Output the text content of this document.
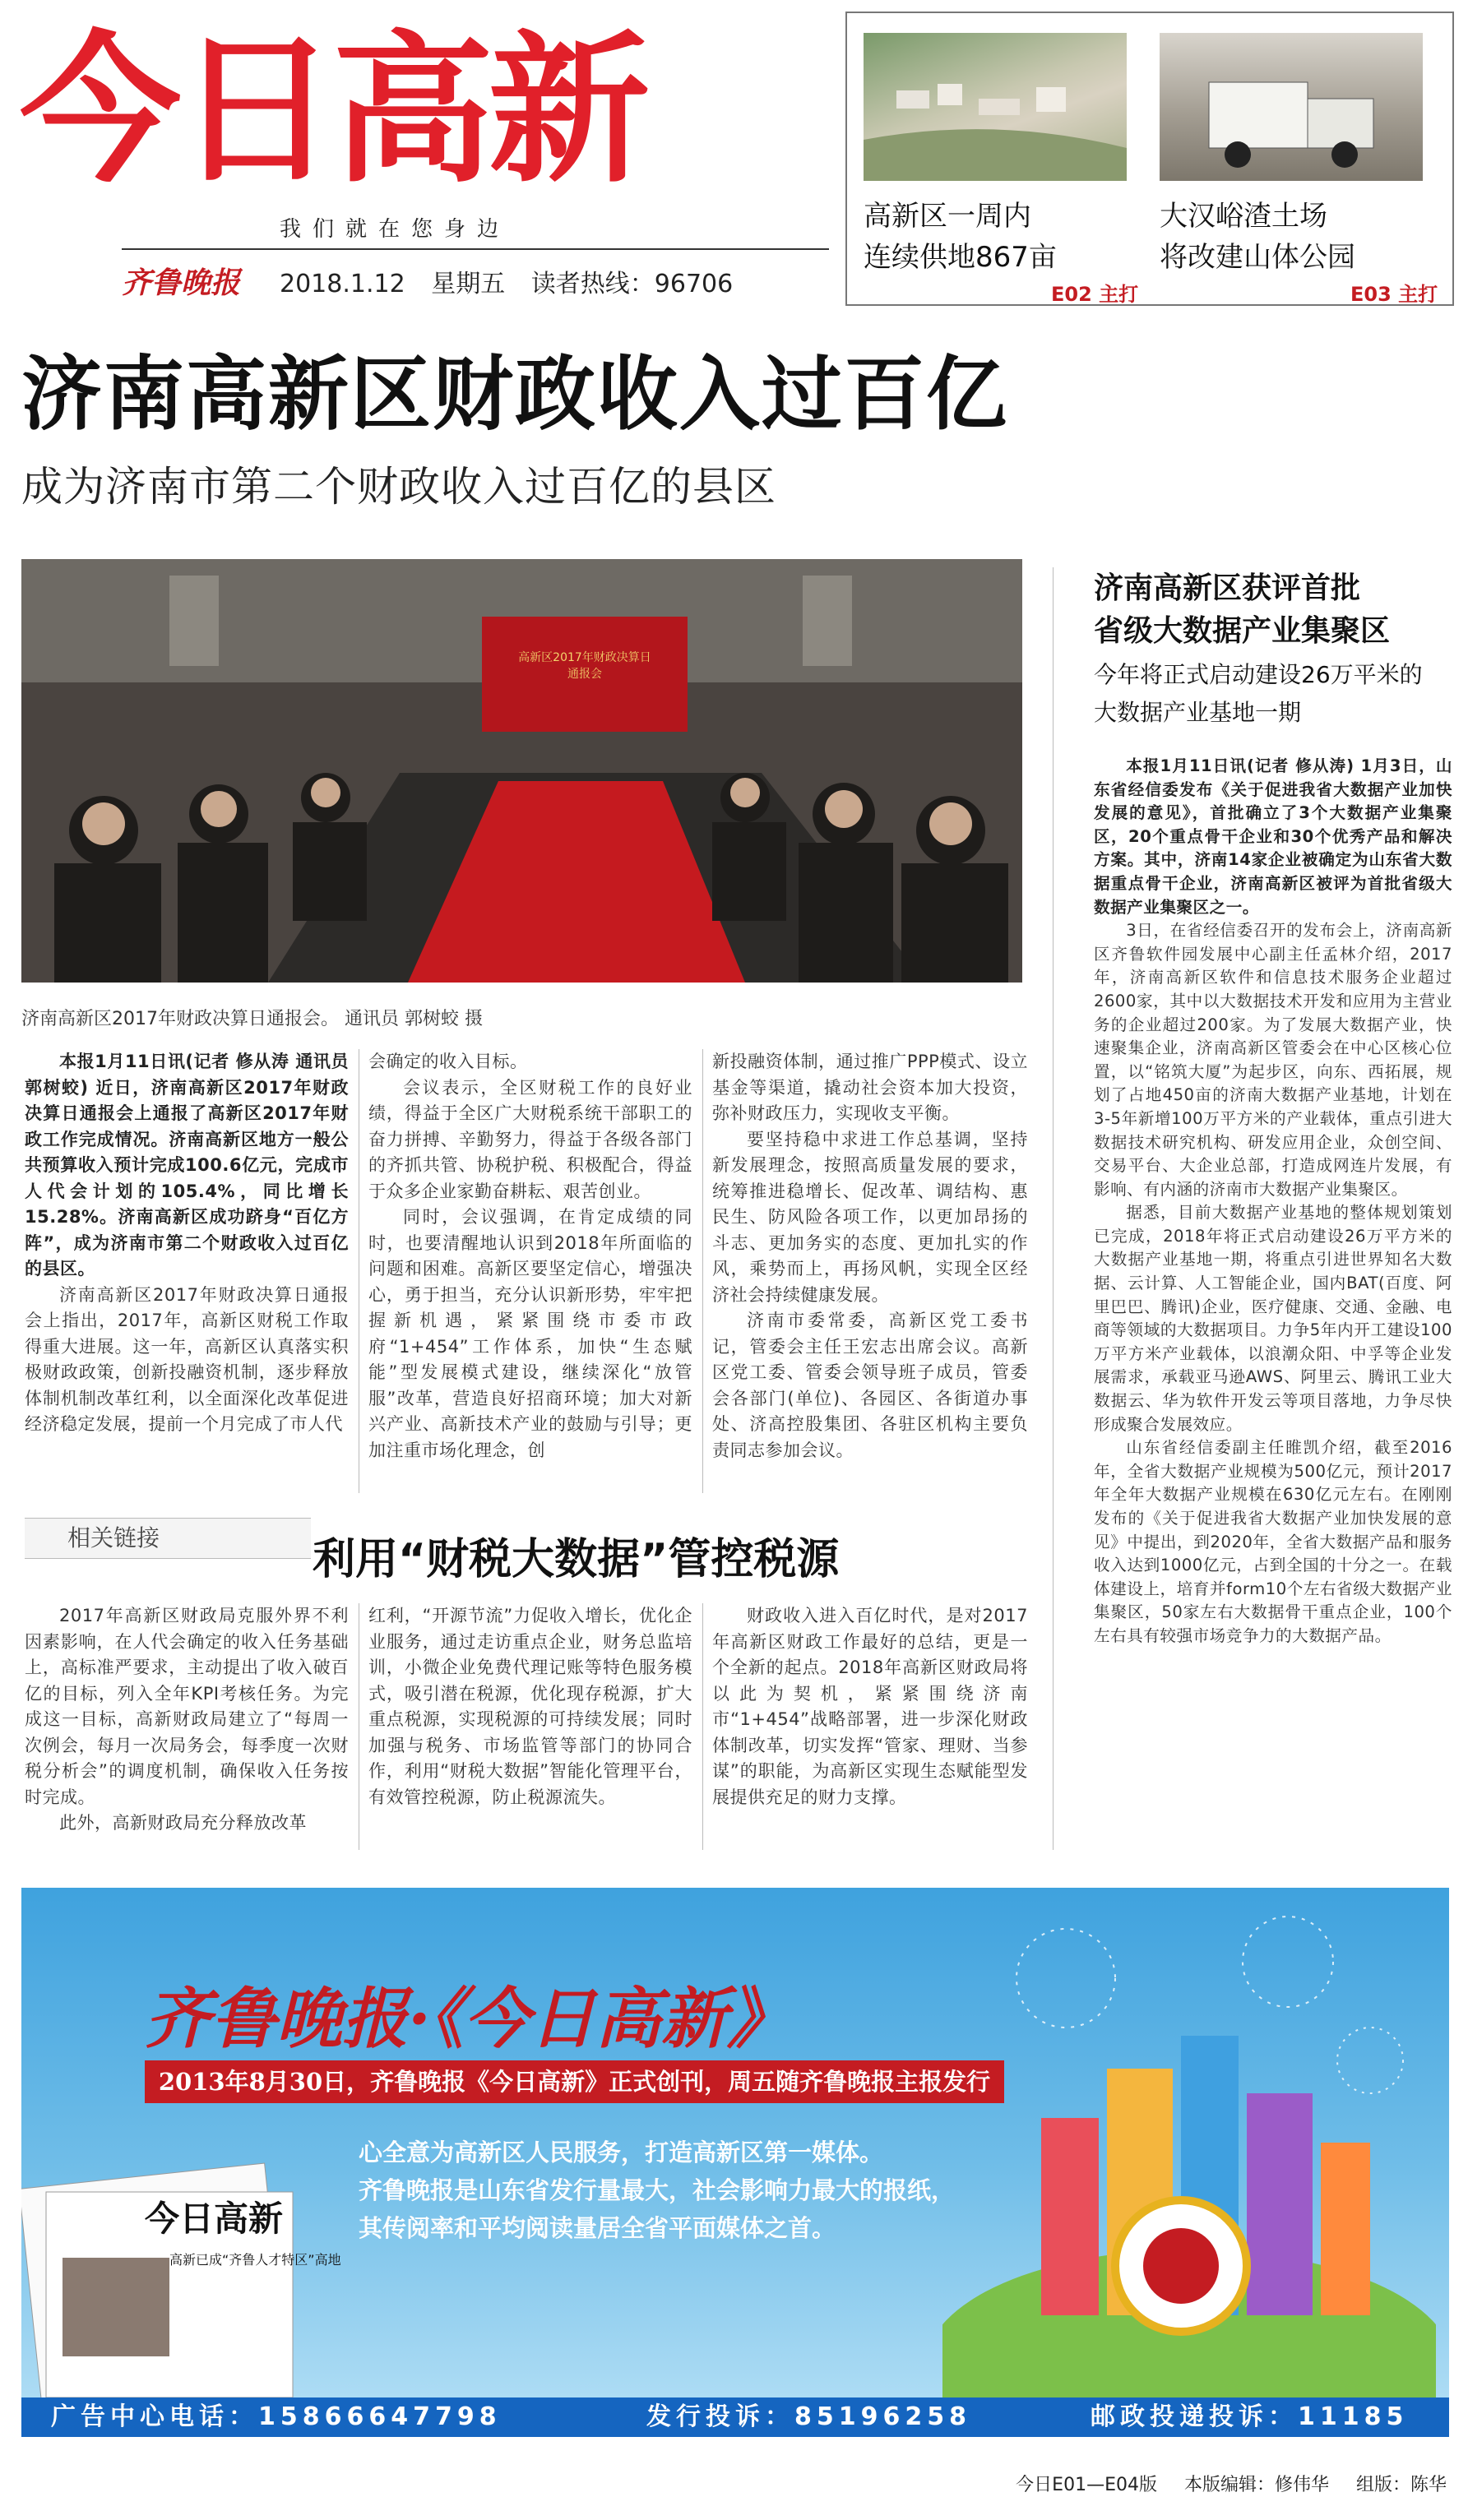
今日高新
我们就在您身边
齐鲁晚报 2018.1.12 星期五 读者热线：96706
高新区一周内
连续供地867亩
E02 主打
大汉峪渣土场
将改建山体公园
E03 主打
济南高新区财政收入过百亿
成为济南市第二个财政收入过百亿的县区
高新区2017年财政决算日通报会
济南高新区2017年财政决算日通报会。 通讯员 郭树蛟 摄

本报1月11日讯(记者 修从涛 通讯员 郭树蛟) 近日，济南高新区2017年财政决算日通报会上通报了高新区2017年财政工作完成情况。济南高新区地方一般公共预算收入预计完成100.6亿元，完成市人代会计划的105.4%，同比增长15.28%。济南高新区成功跻身“百亿方阵”，成为济南市第二个财政收入过百亿的县区。

济南高新区2017年财政决算日通报会上指出，2017年，高新区财税工作取得重大进展。这一年，高新区认真落实积极财政政策，创新投融资机制，逐步释放体制机制改革红利，以全面深化改革促进经济稳定发展，提前一个月完成了市人代

会确定的收入目标。

会议表示，全区财税工作的良好业绩，得益于全区广大财税系统干部职工的奋力拼搏、辛勤努力，得益于各级各部门的齐抓共管、协税护税、积极配合，得益于众多企业家勤奋耕耘、艰苦创业。

同时，会议强调，在肯定成绩的同时，也要清醒地认识到2018年所面临的问题和困难。高新区要坚定信心，增强决心，勇于担当，充分认识新形势，牢牢把握新机遇，紧紧围绕市委市政府“1+454”工作体系，加快“生态赋能”型发展模式建设，继续深化“放管服”改革，营造良好招商环境；加大对新兴产业、高新技术产业的鼓励与引导；更加注重市场化理念，创

新投融资体制，通过推广PPP模式、设立基金等渠道，撬动社会资本加大投资，弥补财政压力，实现收支平衡。

要坚持稳中求进工作总基调，坚持新发展理念，按照高质量发展的要求，统筹推进稳增长、促改革、调结构、惠民生、防风险各项工作，以更加昂扬的斗志、更加务实的态度、更加扎实的作风，乘势而上，再扬风帆，实现全区经济社会持续健康发展。

济南市委常委，高新区党工委书记，管委会主任王宏志出席会议。高新区党工委、管委会领导班子成员，管委会各部门(单位)、各园区、各街道办事处、济高控股集团、各驻区机构主要负责同志参加会议。

济南高新区获评首批
省级大数据产业集聚区
今年将正式启动建设26万平米的
大数据产业基地一期

本报1月11日讯(记者 修从涛) 1月3日，山东省经信委发布《关于促进我省大数据产业加快发展的意见》，首批确立了3个大数据产业集聚区，20个重点骨干企业和30个优秀产品和解决方案。其中，济南14家企业被确定为山东省大数据重点骨干企业，济南高新区被评为首批省级大数据产业集聚区之一。

3日，在省经信委召开的发布会上，济南高新区齐鲁软件园发展中心副主任孟林介绍，2017年，济南高新区软件和信息技术服务企业超过2600家，其中以大数据技术开发和应用为主营业务的企业超过200家。为了发展大数据产业，快速聚集企业，济南高新区管委会在中心区核心位置，以“铭筑大厦”为起步区，向东、西拓展，规划了占地450亩的济南大数据产业基地，计划在3-5年新增100万平方米的产业载体，重点引进大数据技术研究机构、研发应用企业，众创空间、交易平台、大企业总部，打造成网连片发展，有影响、有内涵的济南市大数据产业集聚区。

据悉，目前大数据产业基地的整体规划策划已完成，2018年将正式启动建设26万平方米的大数据产业基地一期，将重点引进世界知名大数据、云计算、人工智能企业，国内BAT(百度、阿里巴巴、腾讯)企业，医疗健康、交通、金融、电商等领域的大数据项目。力争5年内开工建设100万平方米产业载体，以浪潮众阳、中孚等企业发展需求，承载亚马逊AWS、阿里云、腾讯工业大数据云、华为软件开发云等项目落地，力争尽快形成聚合发展效应。

山东省经信委副主任睢凯介绍，截至2016年，全省大数据产业规模为500亿元，预计2017年全年大数据产业规模在630亿元左右。在刚刚发布的《关于促进我省大数据产业加快发展的意见》中提出，到2020年，全省大数据产品和服务收入达到1000亿元，占到全国的十分之一。在载体建设上，培育并form10个左右省级大数据产业集聚区，50家左右大数据骨干重点企业，100个左右具有较强市场竞争力的大数据产品。

相关链接	利用“财税大数据”管控税源

2017年高新区财政局克服外界不利因素影响，在人代会确定的收入任务基础上，高标准严要求，主动提出了收入破百亿的目标，列入全年KPI考核任务。为完成这一目标，高新财政局建立了“每周一次例会，每月一次局务会，每季度一次财税分析会”的调度机制，确保收入任务按时完成。

此外，高新财政局充分释放改革

红利，“开源节流”力促收入增长，优化企业服务，通过走访重点企业，财务总监培训，小微企业免费代理记账等特色服务模式，吸引潜在税源，优化现存税源，扩大重点税源，实现税源的可持续发展；同时加强与税务、市场监管等部门的协同合作，利用“财税大数据”智能化管理平台，有效管控税源，防止税源流失。

财政收入进入百亿时代，是对2017年高新区财政工作最好的总结，更是一个全新的起点。2018年高新区财政局将以此为契机，紧紧围绕济南市“1+454”战略部署，进一步深化财政体制改革，切实发挥“管家、理财、当参谋”的职能，为高新区实现生态赋能型发展提供充足的财力支撑。

今日高新
高新已成“齐鲁人才特区”高地
齐鲁晚报·《今日高新》
2013年8月30日，齐鲁晚报《今日高新》正式创刊，周五随齐鲁晚报主报发行
心全意为高新区人民服务，打造高新区第一媒体。
齐鲁晚报是山东省发行量最大，社会影响力最大的报纸，
其传阅率和平均阅读量居全省平面媒体之首。
广告中心电话：15866647798	发行投诉：85196258	邮政投递投诉：11185
今日E01—E04版 本版编辑：修伟华 组版：陈华
